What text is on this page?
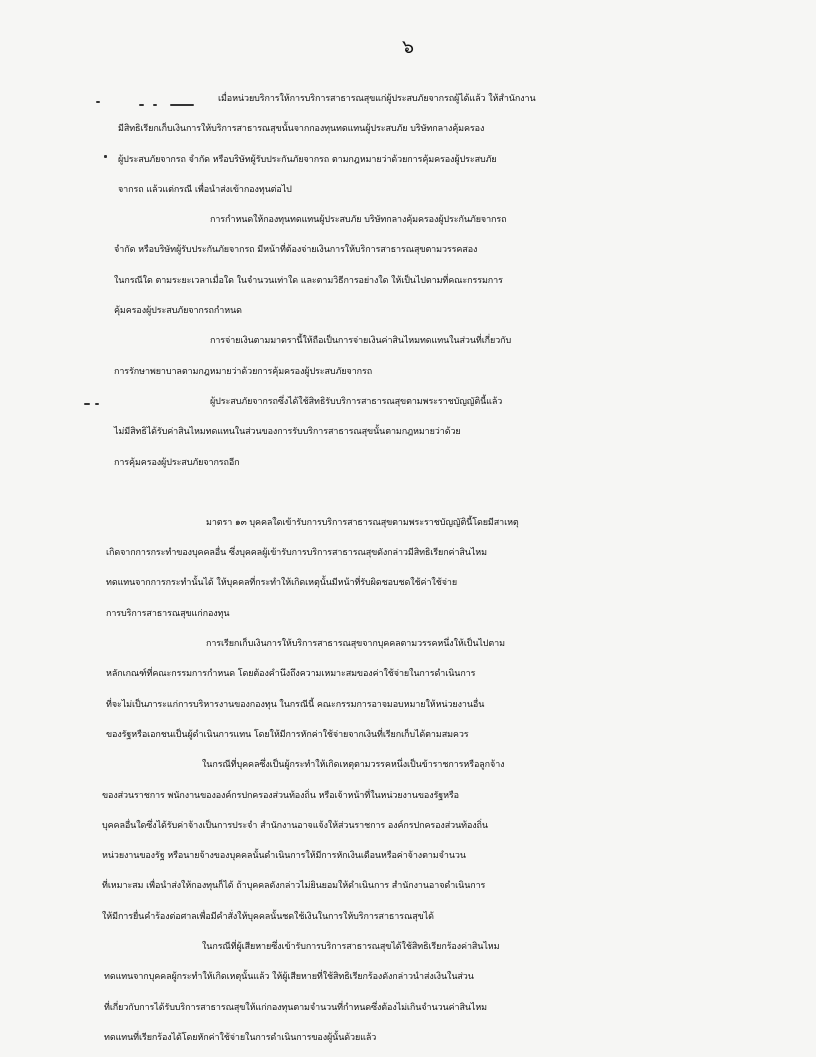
๖
เมื่อหน่วยบริการให้การบริการสาธารณสุขแก่ผู้ประสบภัยจากรถผู้ได้แล้ว ให้สำนักงาน
มีสิทธิเรียกเก็บเงินการให้บริการสาธารณสุขนั้นจากกองทุนทดแทนผู้ประสบภัย บริษัทกลางคุ้มครอง
ผู้ประสบภัยจากรถ จำกัด หรือบริษัทผู้รับประกันภัยจากรถ ตามกฎหมายว่าด้วยการคุ้มครองผู้ประสบภัย
จากรถ แล้วแต่กรณี เพื่อนำส่งเข้ากองทุนต่อไป
การกำหนดให้กองทุนทดแทนผู้ประสบภัย บริษัทกลางคุ้มครองผู้ประกันภัยจากรถ
จำกัด หรือบริษัทผู้รับประกันภัยจากรถ มีหน้าที่ต้องจ่ายเงินการให้บริการสาธารณสุขตามวรรคสอง
ในกรณีใด ตามระยะเวลาเมื่อใด ในจำนวนเท่าใด และตามวิธีการอย่างใด ให้เป็นไปตามที่คณะกรรมการ
คุ้มครองผู้ประสบภัยจากรถกำหนด
การจ่ายเงินตามมาตรานี้ให้ถือเป็นการจ่ายเงินค่าสินไหมทดแทนในส่วนที่เกี่ยวกับ
การรักษาพยาบาลตามกฎหมายว่าด้วยการคุ้มครองผู้ประสบภัยจากรถ
ผู้ประสบภัยจากรถซึ่งได้ใช้สิทธิรับบริการสาธารณสุขตามพระราชบัญญัตินี้แล้ว
ไม่มีสิทธิได้รับค่าสินไหมทดแทนในส่วนของการรับบริการสาธารณสุขนั้นตามกฎหมายว่าด้วย
การคุ้มครองผู้ประสบภัยจากรถอีก
มาตรา ๑๓ บุคคลใดเข้ารับการบริการสาธารณสุขตามพระราชบัญญัตินี้โดยมีสาเหตุ
เกิดจากการกระทำของบุคคลอื่น ซึ่งบุคคลผู้เข้ารับการบริการสาธารณสุขดังกล่าวมีสิทธิเรียกค่าสินไหม
ทดแทนจากการกระทำนั้นได้ ให้บุคคลที่กระทำให้เกิดเหตุนั้นมีหน้าที่รับผิดชอบชดใช้ค่าใช้จ่าย
การบริการสาธารณสุขแก่กองทุน
การเรียกเก็บเงินการให้บริการสาธารณสุขจากบุคคลตามวรรคหนึ่งให้เป็นไปตาม
หลักเกณฑ์ที่คณะกรรมการกำหนด โดยต้องคำนึงถึงความเหมาะสมของค่าใช้จ่ายในการดำเนินการ
ที่จะไม่เป็นภาระแก่การบริหารงานของกองทุน ในกรณีนี้ คณะกรรมการอาจมอบหมายให้หน่วยงานอื่น
ของรัฐหรือเอกชนเป็นผู้ดำเนินการแทน โดยให้มีการหักค่าใช้จ่ายจากเงินที่เรียกเก็บได้ตามสมควร
ในกรณีที่บุคคลซึ่งเป็นผู้กระทำให้เกิดเหตุตามวรรคหนึ่งเป็นข้าราชการหรือลูกจ้าง
ของส่วนราชการ พนักงานขององค์กรปกครองส่วนท้องถิ่น หรือเจ้าหน้าที่ในหน่วยงานของรัฐหรือ
บุคคลอื่นใดซึ่งได้รับค่าจ้างเป็นการประจำ สำนักงานอาจแจ้งให้ส่วนราชการ องค์กรปกครองส่วนท้องถิ่น
หน่วยงานของรัฐ หรือนายจ้างของบุคคลนั้นดำเนินการให้มีการหักเงินเดือนหรือค่าจ้างตามจำนวน
ที่เหมาะสม เพื่อนำส่งให้กองทุนก็ได้ ถ้าบุคคลดังกล่าวไม่ยินยอมให้ดำเนินการ สำนักงานอาจดำเนินการ
ให้มีการยื่นคำร้องต่อศาลเพื่อมีคำสั่งให้บุคคลนั้นชดใช้เงินในการให้บริการสาธารณสุขได้
ในกรณีที่ผู้เสียหายซึ่งเข้ารับการบริการสาธารณสุขได้ใช้สิทธิเรียกร้องค่าสินไหม
ทดแทนจากบุคคลผู้กระทำให้เกิดเหตุนั้นแล้ว ให้ผู้เสียหายที่ใช้สิทธิเรียกร้องดังกล่าวนำส่งเงินในส่วน
ที่เกี่ยวกับการได้รับบริการสาธารณสุขให้แก่กองทุนตามจำนวนที่กำหนดซึ่งต้องไม่เกินจำนวนค่าสินไหม
ทดแทนที่เรียกร้องได้โดยหักค่าใช้จ่ายในการดำเนินการของผู้นั้นด้วยแล้ว
